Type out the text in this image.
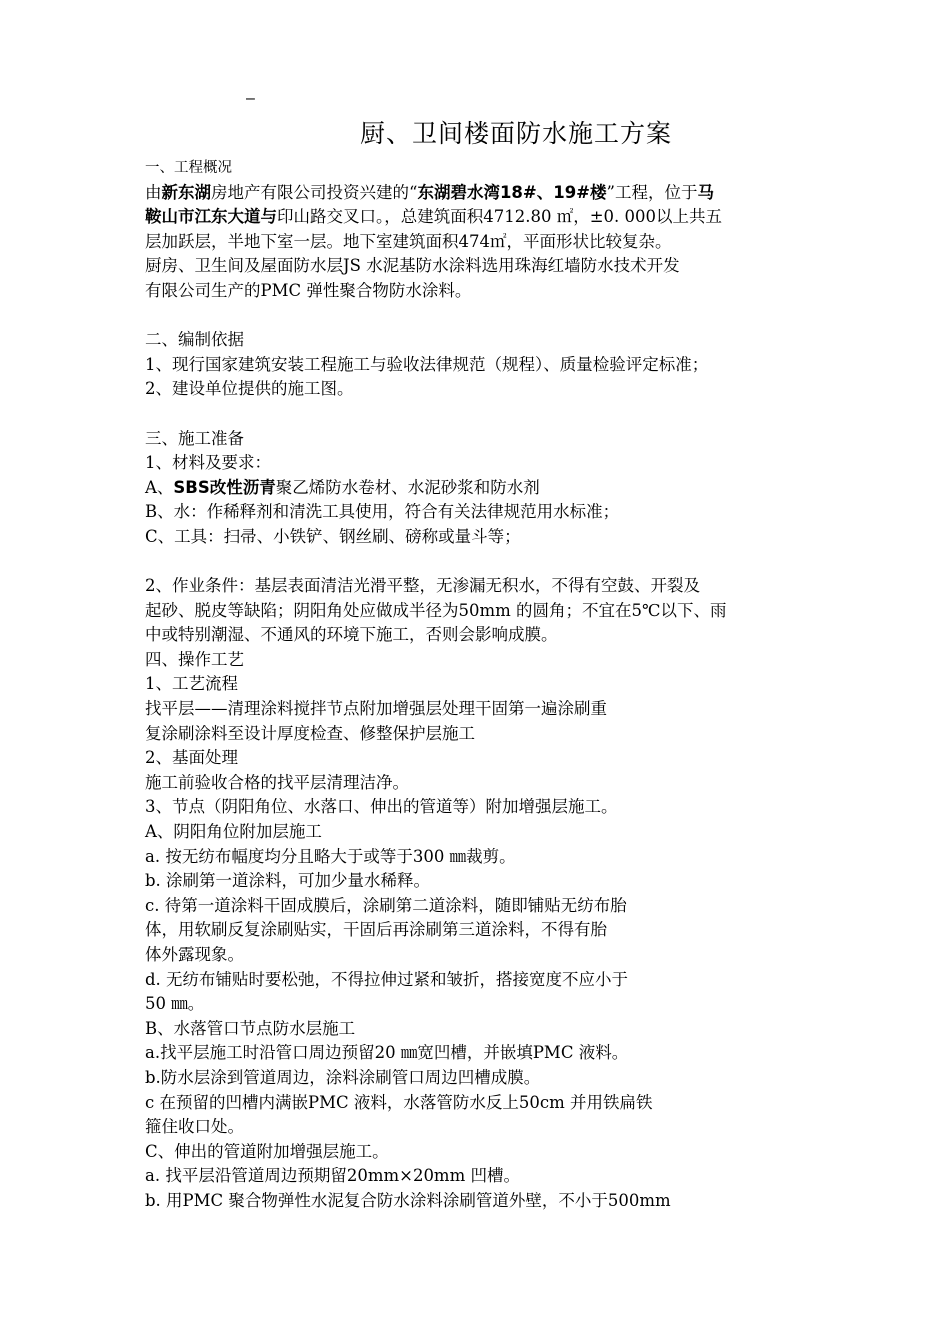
–
厨、卫间楼面防水施工方案
一、工程概况
由新东湖房地产有限公司投资兴建的“东湖碧水湾18#、19#楼”工程，位于马
鞍山市江东大道与印山路交叉口。，总建筑面积4712.80 ㎡，±0. 000以上共五
层加跃层，半地下室一层。地下室建筑面积474㎡，平面形状比较复杂。
厨房、卫生间及屋面防水层JS 水泥基防水涂料选用珠海红墙防水技术开发
有限公司生产的PMC 弹性聚合物防水涂料。
二、编制依据
1、现行国家建筑安装工程施工与验收法律规范（规程）、质量检验评定标准；
2、建设单位提供的施工图。
三、施工准备
1、材料及要求：
A、SBS改性沥青聚乙烯防水卷材、水泥砂浆和防水剂
B、水：作稀释剂和清洗工具使用，符合有关法律规范用水标准；
C、工具：扫帚、小铁铲、钢丝刷、磅称或量斗等；
2、作业条件：基层表面清洁光滑平整，无渗漏无积水，不得有空鼓、开裂及
起砂、脱皮等缺陷；阴阳角处应做成半径为50mm 的圆角；不宜在5℃以下、雨
中或特别潮湿、不通风的环境下施工，否则会影响成膜。
四、操作工艺
1、工艺流程
找平层——清理涂料搅拌节点附加增强层处理干固第一遍涂刷重
复涂刷涂料至设计厚度检查、修整保护层施工
2、基面处理
施工前验收合格的找平层清理洁净。
3、节点（阴阳角位、水落口、伸出的管道等）附加增强层施工。
A、阴阳角位附加层施工
a. 按无纺布幅度均分且略大于或等于300 ㎜裁剪。
b. 涂刷第一道涂料，可加少量水稀释。
c. 待第一道涂料干固成膜后，涂刷第二道涂料，随即铺贴无纺布胎
体，用软刷反复涂刷贴实，干固后再涂刷第三道涂料，不得有胎
体外露现象。
d. 无纺布铺贴时要松弛，不得拉伸过紧和皱折，搭接宽度不应小于
50 ㎜。
B、水落管口节点防水层施工
a.找平层施工时沿管口周边预留20 ㎜宽凹槽，并嵌填PMC 液料。
b.防水层涂到管道周边，涂料涂刷管口周边凹槽成膜。
c 在预留的凹槽内满嵌PMC 液料，水落管防水反上50cm 并用铁扁铁
箍住收口处。
C、伸出的管道附加增强层施工。
a. 找平层沿管道周边预期留20mm×20mm 凹槽。
b. 用PMC 聚合物弹性水泥复合防水涂料涂刷管道外壁，不小于500mm
